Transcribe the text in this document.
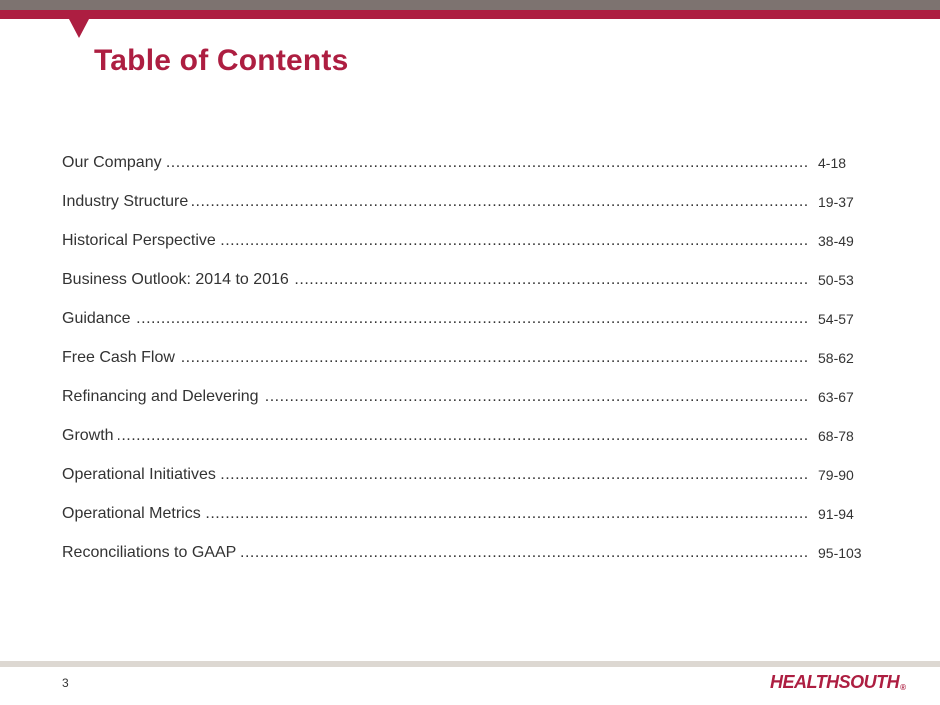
Table of Contents
Our Company .....	4-18
Industry Structure .....	19-37
Historical Perspective .....	38-49
Business Outlook: 2014 to 2016 .....	50-53
Guidance .....	54-57
Free Cash Flow .....	58-62
Refinancing and Delevering .....	63-67
Growth .....	68-78
Operational Initiatives .....	79-90
Operational Metrics .....	91-94
Reconciliations to GAAP .....	95-103
3	HEALTHSOUTH®
